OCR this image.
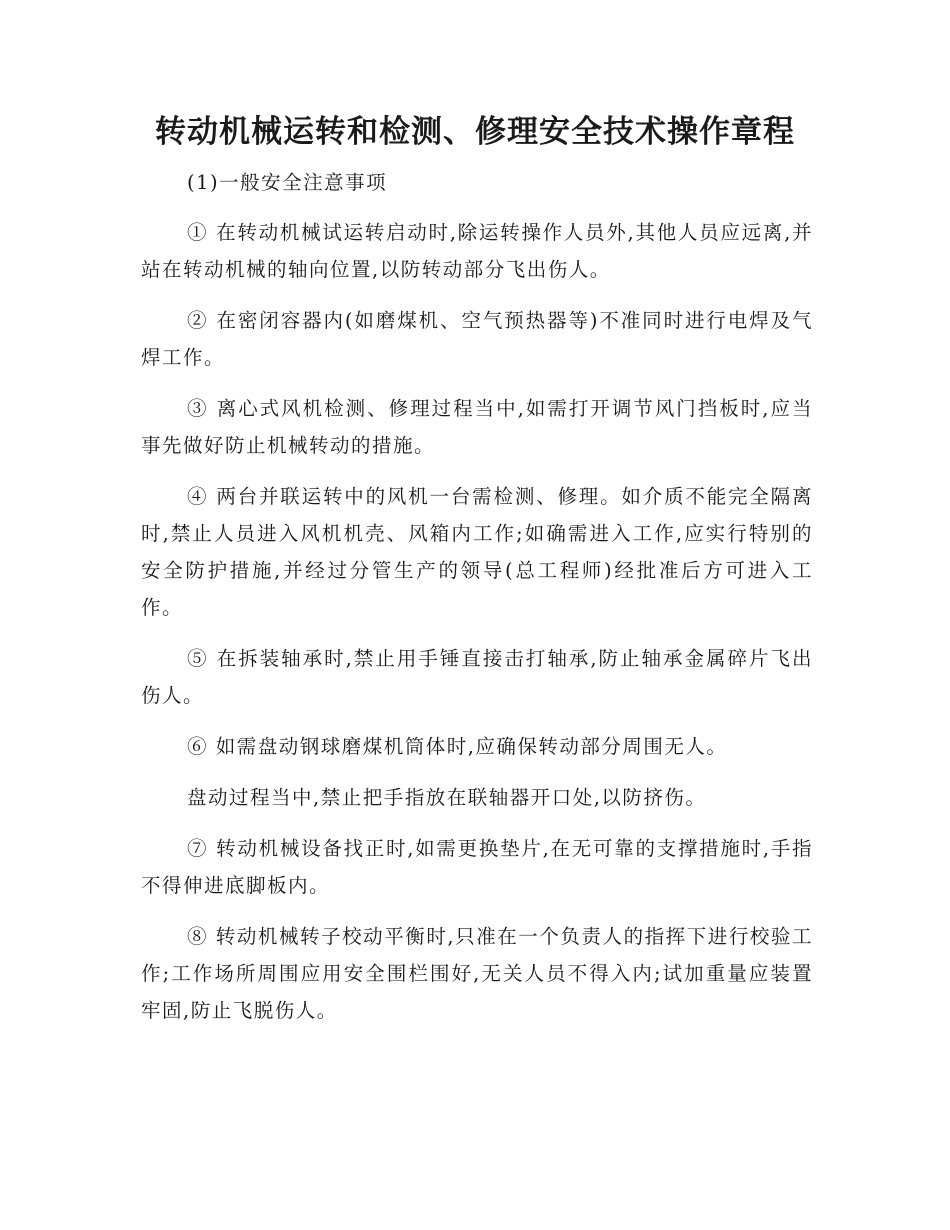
转动机械运转和检测、修理安全技术操作章程

(1)一般安全注意事项

① 在转动机械试运转启动时,除运转操作人员外,其他人员应远离,并站在转动机械的轴向位置,以防转动部分飞出伤人。

② 在密闭容器内(如磨煤机、空气预热器等)不准同时进行电焊及气焊工作。

③ 离心式风机检测、修理过程当中,如需打开调节风门挡板时,应当事先做好防止机械转动的措施。

④ 两台并联运转中的风机一台需检测、修理。如介质不能完全隔离时,禁止人员进入风机机壳、风箱内工作;如确需进入工作,应实行特别的安全防护措施,并经过分管生产的领导(总工程师)经批准后方可进入工作。

⑤ 在拆装轴承时,禁止用手锤直接击打轴承,防止轴承金属碎片飞出伤人。

⑥ 如需盘动钢球磨煤机筒体时,应确保转动部分周围无人。

盘动过程当中,禁止把手指放在联轴器开口处,以防挤伤。

⑦ 转动机械设备找正时,如需更换垫片,在无可靠的支撑措施时,手指不得伸进底脚板内。

⑧ 转动机械转子校动平衡时,只准在一个负责人的指挥下进行校验工作;工作场所周围应用安全围栏围好,无关人员不得入内;试加重量应装置牢固,防止飞脱伤人。
